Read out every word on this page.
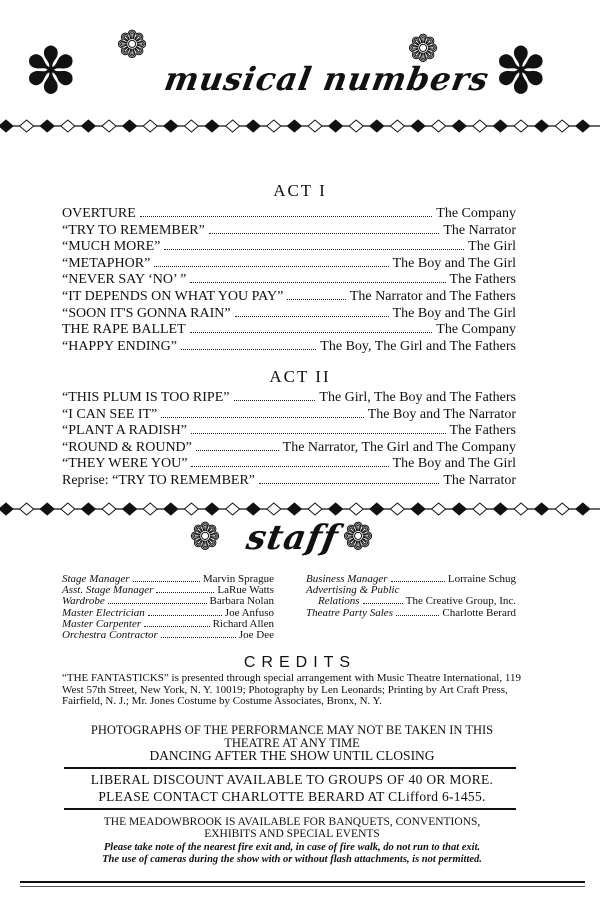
✽ ❁
musical numbers
❁ ✽
ACT I
OVERTURE	The Company
“TRY TO REMEMBER”	The Narrator
“MUCH MORE”	The Girl
“METAPHOR”	The Boy and The Girl
“NEVER SAY ‘NO’ ”	The Fathers
“IT DEPENDS ON WHAT YOU PAY”	The Narrator and The Fathers
“SOON IT'S GONNA RAIN”	The Boy and The Girl
THE RAPE BALLET	The Company
“HAPPY ENDING”	The Boy, The Girl and The Fathers
ACT II
“THIS PLUM IS TOO RIPE”	The Girl, The Boy and The Fathers
“I CAN SEE IT”	The Boy and The Narrator
“PLANT A RADISH”	The Fathers
“ROUND & ROUND”	The Narrator, The Girl and The Company
“THEY WERE YOU”	The Boy and The Girl
Reprise: “TRY TO REMEMBER”	The Narrator
❁ staff ❁
Stage Manager	Marvin Sprague
Asst. Stage Manager	LaRue Watts
Wardrobe	Barbara Nolan
Master Electrician	Joe Anfuso
Master Carpenter	Richard Allen
Orchestra Contractor	Joe Dee
Business Manager	Lorraine Schug
Advertising & Public
Relations	The Creative Group, Inc.
Theatre Party Sales	Charlotte Berard
CREDITS
“THE FANTASTICKS” is presented through special arrangement with Music Theatre International, 119 West 57th Street, New York, N. Y. 10019; Photography by Len Leonards; Printing by Art Craft Press, Fairfield, N. J.; Mr. Jones Costume by Costume Associates, Bronx, N. Y.
PHOTOGRAPHS OF THE PERFORMANCE MAY NOT BE TAKEN IN THIS
THEATRE AT ANY TIME
DANCING AFTER THE SHOW UNTIL CLOSING
LIBERAL DISCOUNT AVAILABLE TO GROUPS OF 40 OR MORE.
PLEASE CONTACT CHARLOTTE BERARD AT CLifford 6-1455.
THE MEADOWBROOK IS AVAILABLE FOR BANQUETS, CONVENTIONS,
EXHIBITS AND SPECIAL EVENTS
Please take note of the nearest fire exit and, in case of fire walk, do not run to that exit.
The use of cameras during the show with or without flash attachments, is not permitted.
